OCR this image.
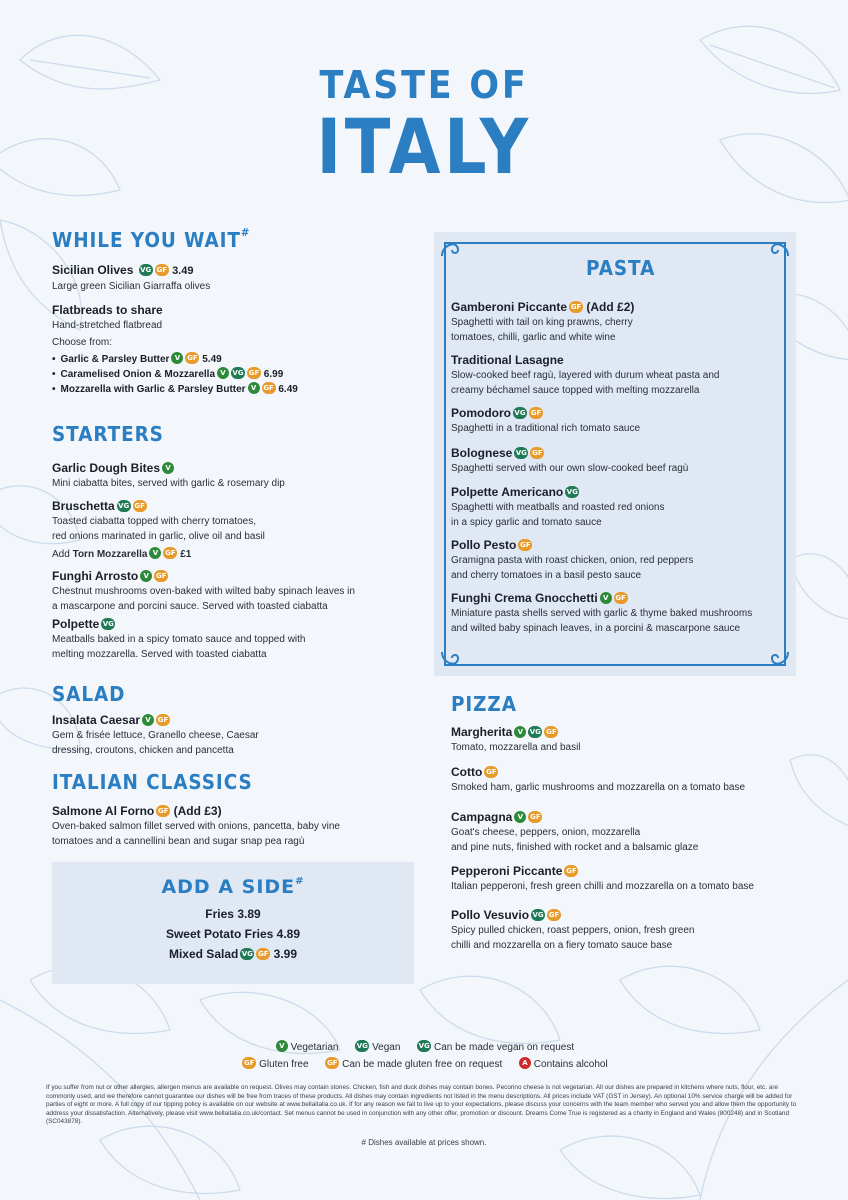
TASTE OF
ITALY
WHILE YOU WAIT#
Sicilian Olives VG GF 3.49
Large green Sicilian Giarraffa olives
Flatbreads to share
Hand-stretched flatbread
Choose from:
• Garlic & Parsley Butter V GF 5.49
• Caramelised Onion & Mozzarella V VG GF 6.99
• Mozzarella with Garlic & Parsley Butter V GF 6.49
STARTERS
Garlic Dough Bites V
Mini ciabatta bites, served with garlic & rosemary dip
Bruschetta VG GF
Toasted ciabatta topped with cherry tomatoes,
red onions marinated in garlic, olive oil and basil
Add Torn Mozzarella V GF £1
Funghi Arrosto V GF
Chestnut mushrooms oven-baked with wilted baby spinach leaves in
a mascarpone and porcini sauce. Served with toasted ciabatta
Polpette VG
Meatballs baked in a spicy tomato sauce and topped with
melting mozzarella. Served with toasted ciabatta
SALAD
Insalata Caesar V GF
Gem & frisée lettuce, Granello cheese, Caesar
dressing, croutons, chicken and pancetta
ITALIAN CLASSICS
Salmone Al Forno GF (Add £3)
Oven-baked salmon fillet served with onions, pancetta, baby vine
tomatoes and a cannellini bean and sugar snap pea ragù
ADD A SIDE#
Fries 3.89
Sweet Potato Fries 4.89
Mixed Salad VG GF 3.99
PASTA
Gamberoni Piccante GF (Add £2)
Spaghetti with tail on king prawns, cherry
tomatoes, chilli, garlic and white wine
Traditional Lasagne
Slow-cooked beef ragù, layered with durum wheat pasta and
creamy béchamel sauce topped with melting mozzarella
Pomodoro VG GF
Spaghetti in a traditional rich tomato sauce
Bolognese VG GF
Spaghetti served with our own slow-cooked beef ragù
Polpette Americano VG
Spaghetti with meatballs and roasted red onions
in a spicy garlic and tomato sauce
Pollo Pesto GF
Gramigna pasta with roast chicken, onion, red peppers
and cherry tomatoes in a basil pesto sauce
Funghi Crema Gnocchetti V GF
Miniature pasta shells served with garlic & thyme baked mushrooms
and wilted baby spinach leaves, in a porcini & mascarpone sauce
PIZZA
Margherita V VG GF
Tomato, mozzarella and basil
Cotto GF
Smoked ham, garlic mushrooms and mozzarella on a tomato base
Campagna V GF
Goat's cheese, peppers, onion, mozzarella
and pine nuts, finished with rocket and a balsamic glaze
Pepperoni Piccante GF
Italian pepperoni, fresh green chilli and mozzarella on a tomato base
Pollo Vesuvio VG GF
Spicy pulled chicken, roast peppers, onion, fresh green
chilli and mozzarella on a fiery tomato sauce base
V Vegetarian	VG Vegan	VG Can be made vegan on request
GF Gluten free	GF Can be made gluten free on request	A Contains alcohol
If you suffer from nut or other allergies, allergen menus are available on request. Olives may contain stones. Chicken, fish and duck dishes may contain bones. Pecorino cheese is not vegetarian. All our dishes are prepared in kitchens where nuts, flour, etc. are commonly used, and we therefore cannot guarantee our dishes will be free from traces of these products. All dishes may contain ingredients not listed in the menu descriptions. All prices include VAT (GST in Jersey). An optional 10% service charge will be added for parties of eight or more. A full copy of our tipping policy is available on our website at www.bellaitalia.co.uk. If for any reason we fail to live up to your expectations, please discuss your concerns with the team member who served you and allow them the opportunity to address your dissatisfaction. Alternatively, please visit www.bellaitalia.co.uk/contact. Set menus cannot be used in conjunction with any other offer, promotion or discount. Dreams Come True is registered as a charity in England and Wales (800248) and in Scotland (SC043878).
# Dishes available at prices shown.
